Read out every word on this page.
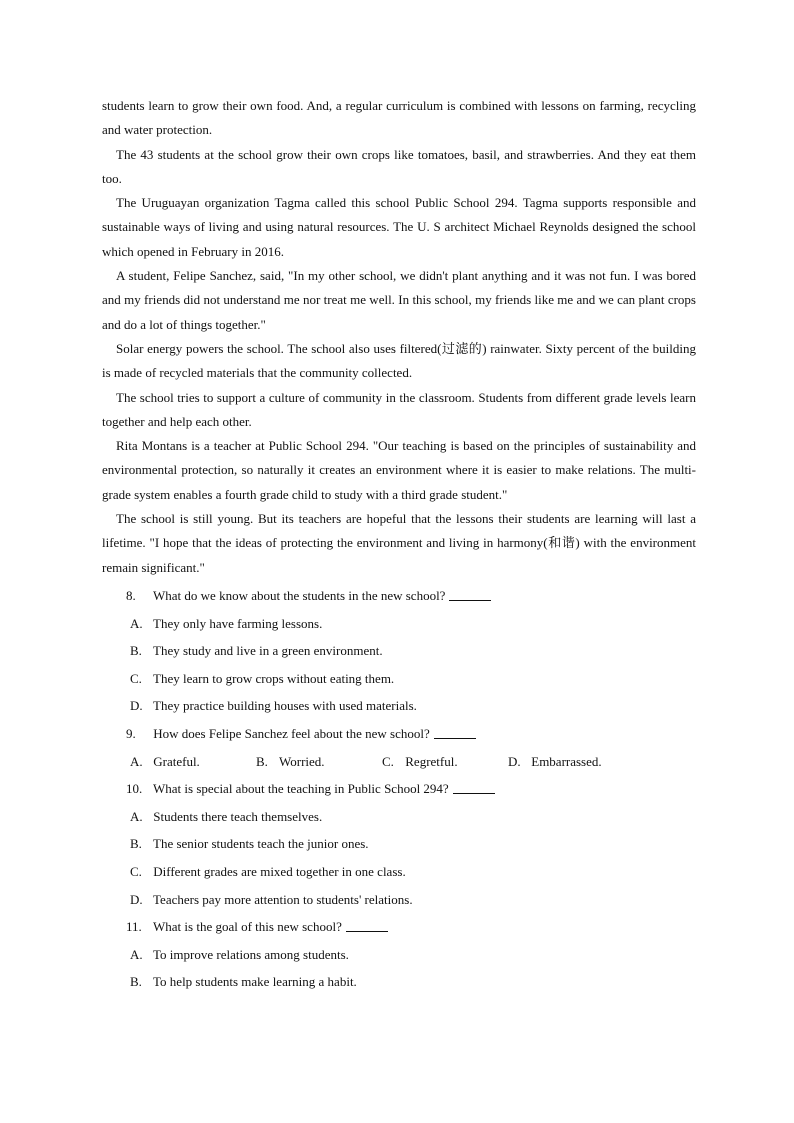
students learn to grow their own food. And, a regular curriculum is combined with lessons on farming, recycling and water protection.

The 43 students at the school grow their own crops like tomatoes, basil, and strawberries. And they eat them too.

The Uruguayan organization Tagma called this school Public School 294. Tagma supports responsible and sustainable ways of living and using natural resources. The U. S architect Michael Reynolds designed the school which opened in February in 2016.

A student, Felipe Sanchez, said, "In my other school, we didn't plant anything and it was not fun. I was bored and my friends did not understand me nor treat me well. In this school, my friends like me and we can plant crops and do a lot of things together."

Solar energy powers the school. The school also uses filtered(过滤的) rainwater. Sixty percent of the building is made of recycled materials that the community collected.

The school tries to support a culture of community in the classroom. Students from different grade levels learn together and help each other.

Rita Montans is a teacher at Public School 294. "Our teaching is based on the principles of sustainability and environmental protection, so naturally it creates an environment where it is easier to make relations. The multi-grade system enables a fourth grade child to study with a third grade student."

The school is still young. But its teachers are hopeful that the lessons their students are learning will last a lifetime. "I hope that the ideas of protecting the environment and living in harmony(和谐) with the environment remain significant."

8. What do we know about the students in the new school?
A. They only have farming lessons.
B. They study and live in a green environment.
C. They learn to grow crops without eating them.
D. They practice building houses with used materials.
9. How does Felipe Sanchez feel about the new school?
A. Grateful.	B. Worried.	C. Regretful.	D. Embarrassed.
10. What is special about the teaching in Public School 294?
A. Students there teach themselves.
B. The senior students teach the junior ones.
C. Different grades are mixed together in one class.
D. Teachers pay more attention to students' relations.
11. What is the goal of this new school?
A. To improve relations among students.
B. To help students make learning a habit.
